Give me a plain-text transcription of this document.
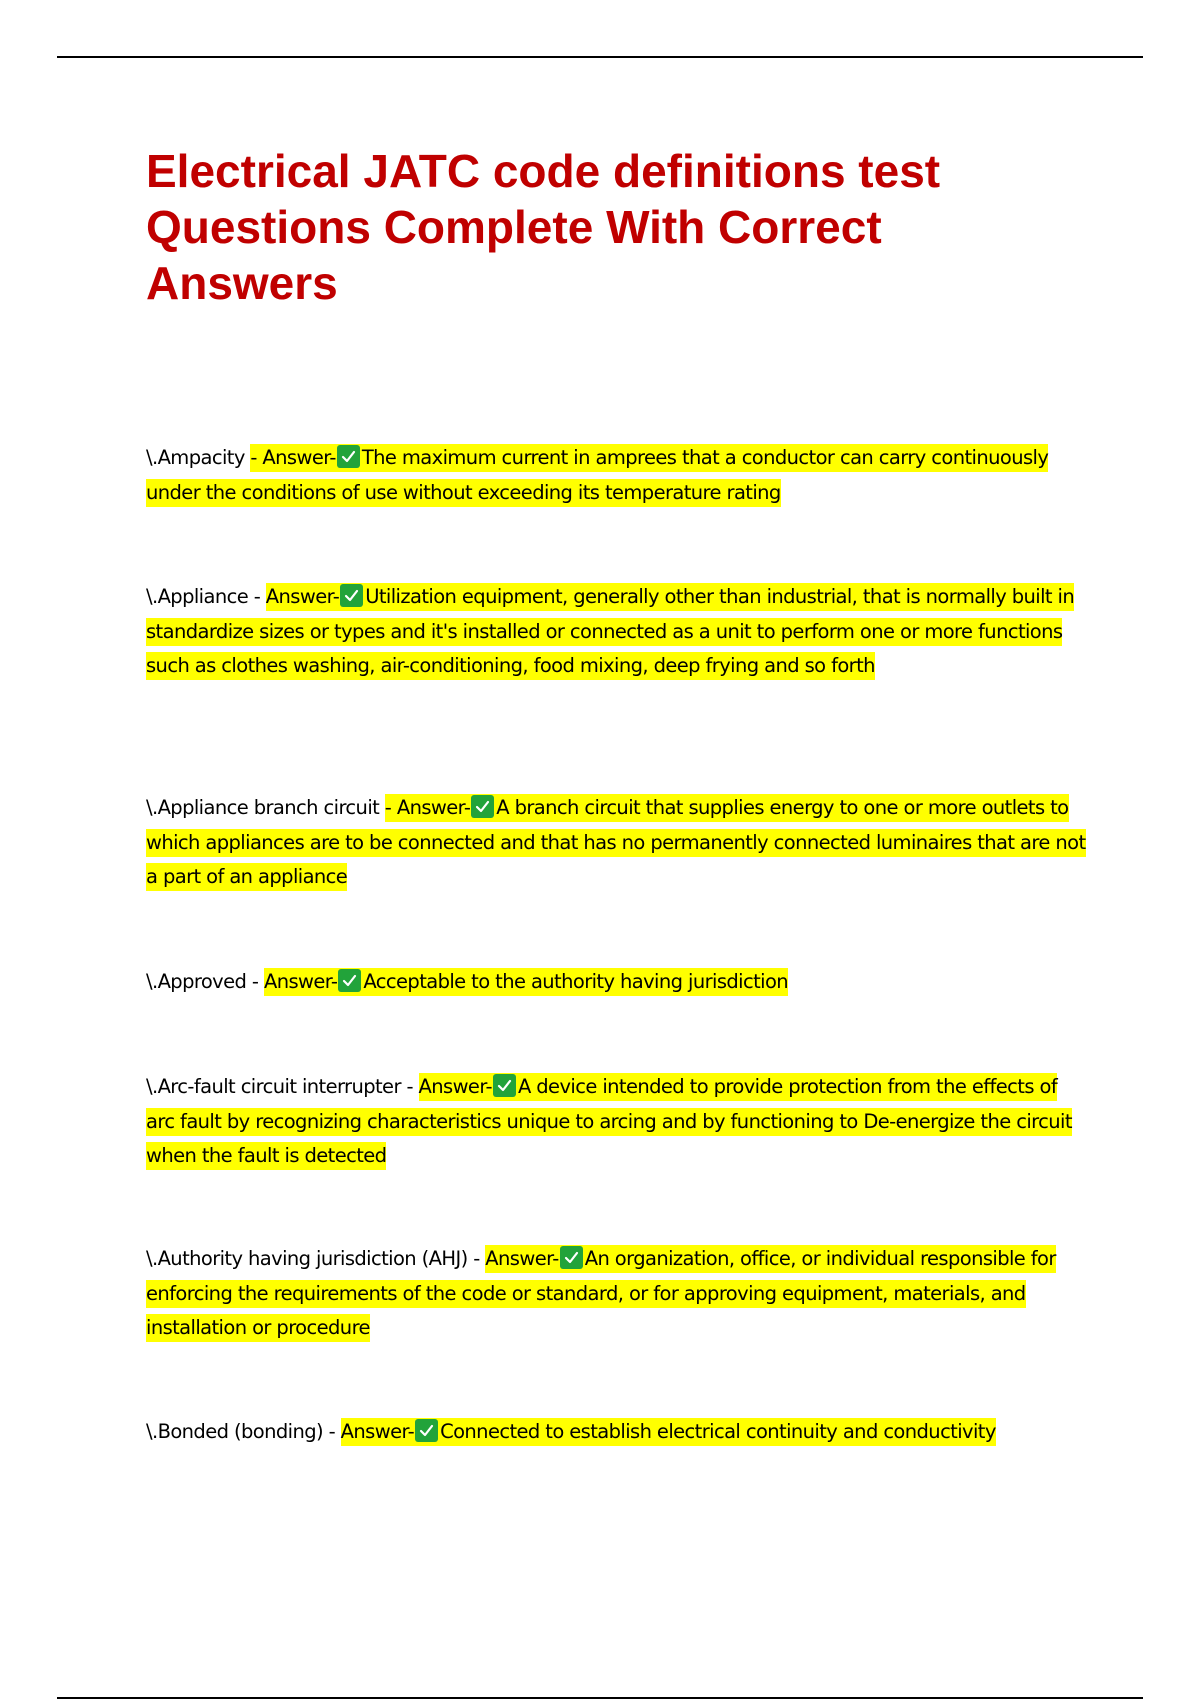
Electrical JATC code definitions test Questions Complete With Correct Answers
\.Ampacity - Answer- The maximum current in amprees that a conductor can carry continuously under the conditions of use without exceeding its temperature rating
\.Appliance - Answer- Utilization equipment, generally other than industrial, that is normally built in standardize sizes or types and it's installed or connected as a unit to perform one or more functions such as clothes washing, air-conditioning, food mixing, deep frying and so forth
\.Appliance branch circuit - Answer- A branch circuit that supplies energy to one or more outlets to which appliances are to be connected and that has no permanently connected luminaires that are not a part of an appliance
\.Approved - Answer- Acceptable to the authority having jurisdiction
\.Arc-fault circuit interrupter - Answer- A device intended to provide protection from the effects of arc fault by recognizing characteristics unique to arcing and by functioning to De-energize the circuit when the fault is detected
\.Authority having jurisdiction (AHJ) - Answer- An organization, office, or individual responsible for enforcing the requirements of the code or standard, or for approving equipment, materials, and installation or procedure
\.Bonded (bonding) - Answer- Connected to establish electrical continuity and conductivity
